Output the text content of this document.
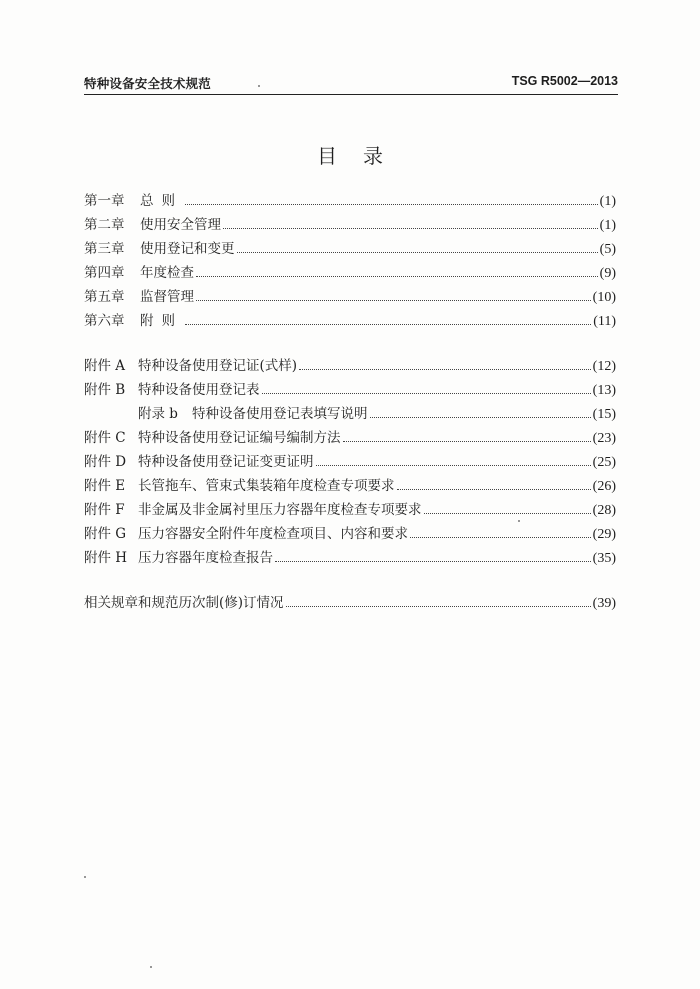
特种设备安全技术规范	TSG R5002—2013
目录
第一章	总则	(1)
第二章	使用安全管理	(1)
第三章	使用登记和变更	(5)
第四章	年度检查	(9)
第五章	监督管理	(10)
第六章	附则	(11)
附件 A 特种设备使用登记证(式样)	(12)
附件 B 特种设备使用登记表	(13)
附录 b	特种设备使用登记表填写说明	(15)
附件 C 特种设备使用登记证编号编制方法	(23)
附件 D 特种设备使用登记证变更证明	(25)
附件 E 长管拖车、管束式集装箱年度检查专项要求	(26)
附件 F 非金属及非金属衬里压力容器年度检查专项要求	(28)
附件 G 压力容器安全附件年度检查项目、内容和要求	(29)
附件 H 压力容器年度检查报告	(35)
相关规章和规范历次制(修)订情况	(39)
